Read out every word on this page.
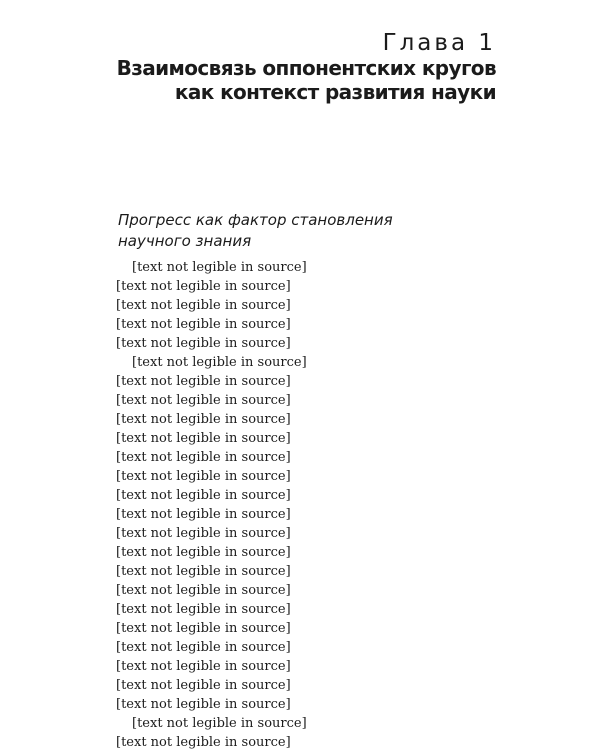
Глава 1
Взаимосвязь оппонентских кругов
как контекст развития науки
Прогресс как фактор становления
научного знания
[text not legible in source]
[text not legible in source]
[text not legible in source]
[text not legible in source]
[text not legible in source]
[text not legible in source]
[text not legible in source]
[text not legible in source]
[text not legible in source]
[text not legible in source]
[text not legible in source]
[text not legible in source]
[text not legible in source]
[text not legible in source]
[text not legible in source]
[text not legible in source]
[text not legible in source]
[text not legible in source]
[text not legible in source]
[text not legible in source]
[text not legible in source]
[text not legible in source]
[text not legible in source]
[text not legible in source]
[text not legible in source]
[text not legible in source]
